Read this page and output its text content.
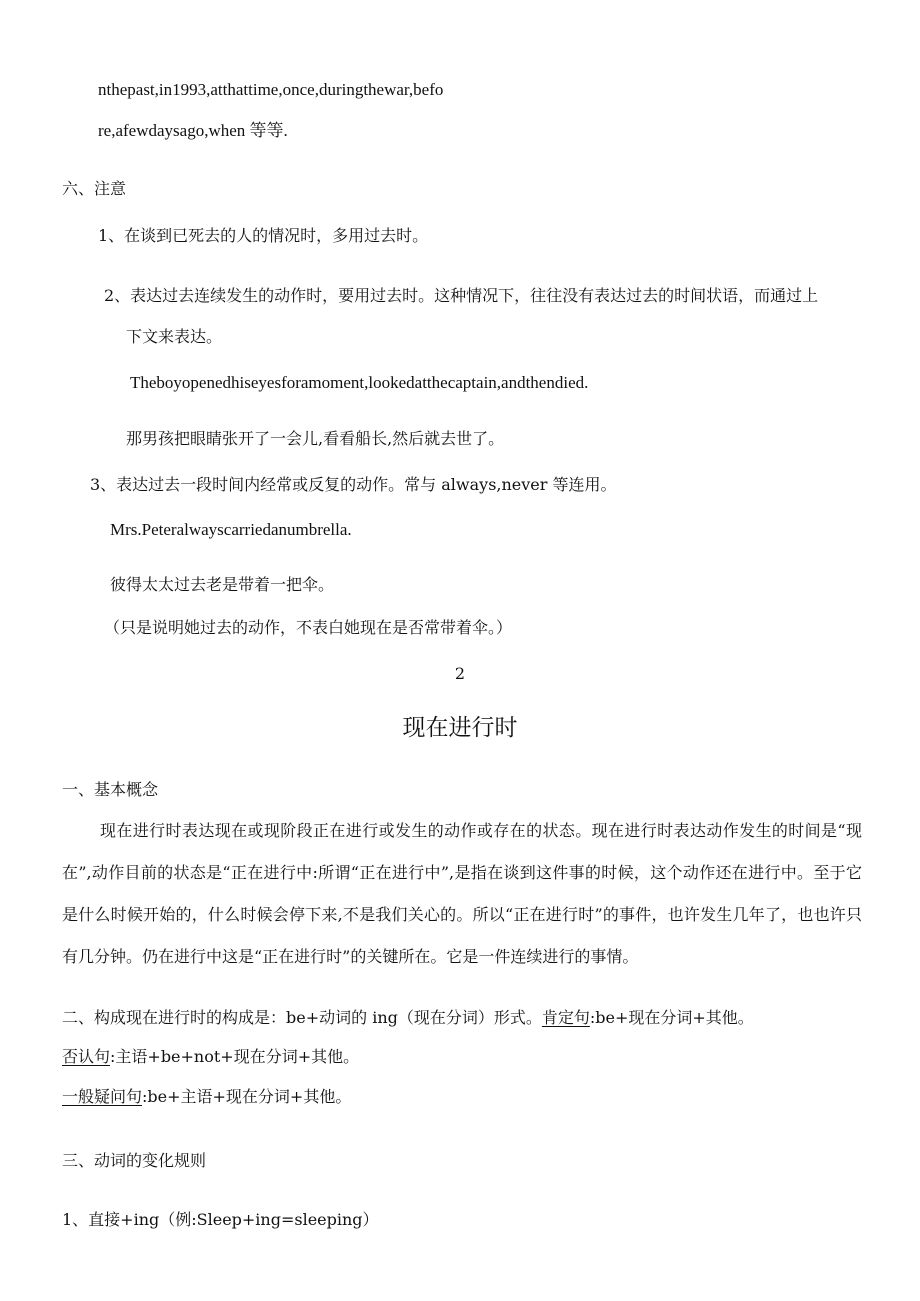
nthepast,in1993,atthattime,once,duringthewar,befo
re,afewdaysago,when 等等.
六、注意
1、在谈到已死去的人的情况时，多用过去时。
2、表达过去连续发生的动作时，要用过去时。这种情况下，往往没有表达过去的时间状语，而通过上
下文来表达。
Theboyopenedhiseyesforamoment,lookedatthecaptain,andthendied.
那男孩把眼睛张开了一会儿,看看船长,然后就去世了。
3、表达过去一段时间内经常或反复的动作。常与 always,never 等连用。
Mrs.Peteralwayscarriedanumbrella.
彼得太太过去老是带着一把伞。
（只是说明她过去的动作，不表白她现在是否常带着伞。）
2
现在进行时
一、基本概念
现在进行时表达现在或现阶段正在进行或发生的动作或存在的状态。现在进行时表达动作发生的时间是“现在”,动作目前的状态是“正在进行中:所谓“正在进行中”,是指在谈到这件事的时候，这个动作还在进行中。至于它是什么时候开始的，什么时候会停下来,不是我们关心的。所以“正在进行时”的事件，也许发生几年了，也也许只有几分钟。仍在进行中这是“正在进行时”的关键所在。它是一件连续进行的事情。
二、构成现在进行时的构成是：be+动词的 ing（现在分词）形式。肯定句:be+现在分词+其他。
否认句:主语+be+not+现在分词+其他。
一般疑问句:be+主语+现在分词+其他。
三、动词的变化规则
1、直接+ing（例:Sleep+ing=sleeping）
